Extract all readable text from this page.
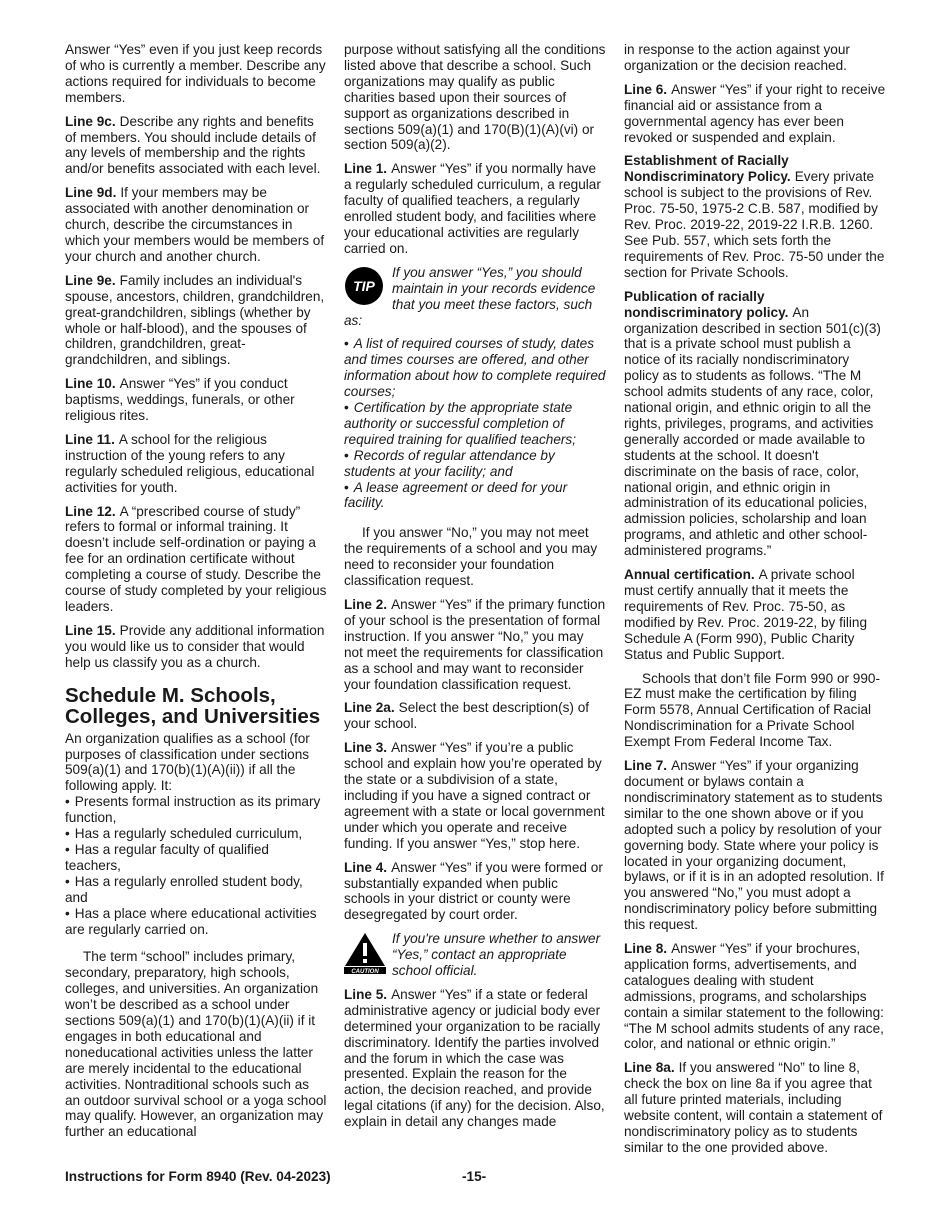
Answer “Yes” even if you just keep records of who is currently a member. Describe any actions required for individuals to become members.

Line 9c. Describe any rights and benefits of members. You should include details of any levels of membership and the rights and/or benefits associated with each level.

Line 9d. If your members may be associated with another denomination or church, describe the circumstances in which your members would be members of your church and another church.

Line 9e. Family includes an individual's spouse, ancestors, children, grandchildren, great-grandchildren, siblings (whether by whole or half-blood), and the spouses of children, grandchildren, great-grandchildren, and siblings.

Line 10. Answer “Yes” if you conduct baptisms, weddings, funerals, or other religious rites.

Line 11. A school for the religious instruction of the young refers to any regularly scheduled religious, educational activities for youth.

Line 12. A “prescribed course of study” refers to formal or informal training. It doesn’t include self-ordination or paying a fee for an ordination certificate without completing a course of study. Describe the course of study completed by your religious leaders.

Line 15. Provide any additional information you would like us to consider that would help us classify you as a church.

Schedule M. Schools, Colleges, and Universities

An organization qualifies as a school (for purposes of classification under sections 509(a)(1) and 170(b)(1)(A)(ii)) if all the following apply. It:

• Presents formal instruction as its primary function,
• Has a regularly scheduled curriculum,
• Has a regular faculty of qualified teachers,
• Has a regularly enrolled student body, and
• Has a place where educational activities are regularly carried on.

The term “school” includes primary, secondary, preparatory, high schools, colleges, and universities. An organization won’t be described as a school under sections 509(a)(1) and 170(b)(1)(A)(ii) if it engages in both educational and noneducational activities unless the latter are merely incidental to the educational activities. Nontraditional schools such as an outdoor survival school or a yoga school may qualify. However, an organization may further an educational

purpose without satisfying all the conditions listed above that describe a school. Such organizations may qualify as public charities based upon their sources of support as organizations described in sections 509(a)(1) and 170(B)(1)(A)(vi) or section 509(a)(2).

Line 1. Answer “Yes” if you normally have a regularly scheduled curriculum, a regular faculty of qualified teachers, a regularly enrolled student body, and facilities where your educational activities are regularly carried on.

TIP
If you answer “Yes,” you should maintain in your records evidence that you meet these factors, such as:
• A list of required courses of study, dates and times courses are offered, and other information about how to complete required courses;
• Certification by the appropriate state authority or successful completion of required training for qualified teachers;
• Records of regular attendance by students at your facility; and
• A lease agreement or deed for your facility.

If you answer “No,” you may not meet the requirements of a school and you may need to reconsider your foundation classification request.

Line 2. Answer “Yes” if the primary function of your school is the presentation of formal instruction. If you answer “No,” you may not meet the requirements for classification as a school and may want to reconsider your foundation classification request.

Line 2a. Select the best description(s) of your school.

Line 3. Answer “Yes” if you’re a public school and explain how you’re operated by the state or a subdivision of a state, including if you have a signed contract or agreement with a state or local government under which you operate and receive funding. If you answer “Yes,” stop here.

Line 4. Answer “Yes” if you were formed or substantially expanded when public schools in your district or county were desegregated by court order.

CAUTION
If you're unsure whether to answer “Yes,” contact an appropriate school official.

Line 5. Answer “Yes” if a state or federal administrative agency or judicial body ever determined your organization to be racially discriminatory. Identify the parties involved and the forum in which the case was presented. Explain the reason for the action, the decision reached, and provide legal citations (if any) for the decision. Also, explain in detail any changes made

in response to the action against your organization or the decision reached.

Line 6. Answer “Yes” if your right to receive financial aid or assistance from a governmental agency has ever been revoked or suspended and explain.

Establishment of Racially Nondiscriminatory Policy. Every private school is subject to the provisions of Rev. Proc. 75-50, 1975-2 C.B. 587, modified by Rev. Proc. 2019-22, 2019-22 I.R.B. 1260. See Pub. 557, which sets forth the requirements of Rev. Proc. 75-50 under the section for Private Schools.

Publication of racially nondiscriminatory policy. An organization described in section 501(c)(3) that is a private school must publish a notice of its racially nondiscriminatory policy as to students as follows. “The M school admits students of any race, color, national origin, and ethnic origin to all the rights, privileges, programs, and activities generally accorded or made available to students at the school. It doesn't discriminate on the basis of race, color, national origin, and ethnic origin in administration of its educational policies, admission policies, scholarship and loan programs, and athletic and other school-administered programs.”

Annual certification. A private school must certify annually that it meets the requirements of Rev. Proc. 75-50, as modified by Rev. Proc. 2019-22, by filing Schedule A (Form 990), Public Charity Status and Public Support.

Schools that don’t file Form 990 or 990-EZ must make the certification by filing Form 5578, Annual Certification of Racial Nondiscrimination for a Private School Exempt From Federal Income Tax.

Line 7. Answer “Yes” if your organizing document or bylaws contain a nondiscriminatory statement as to students similar to the one shown above or if you adopted such a policy by resolution of your governing body. State where your policy is located in your organizing document, bylaws, or if it is in an adopted resolution. If you answered “No,” you must adopt a nondiscriminatory policy before submitting this request.

Line 8. Answer “Yes” if your brochures, application forms, advertisements, and catalogues dealing with student admissions, programs, and scholarships contain a similar statement to the following: “The M school admits students of any race, color, and national or ethnic origin.”

Line 8a. If you answered “No” to line 8, check the box on line 8a if you agree that all future printed materials, including website content, will contain a statement of nondiscriminatory policy as to students similar to the one provided above.

Instructions for Form 8940 (Rev. 04-2023)	-15-
